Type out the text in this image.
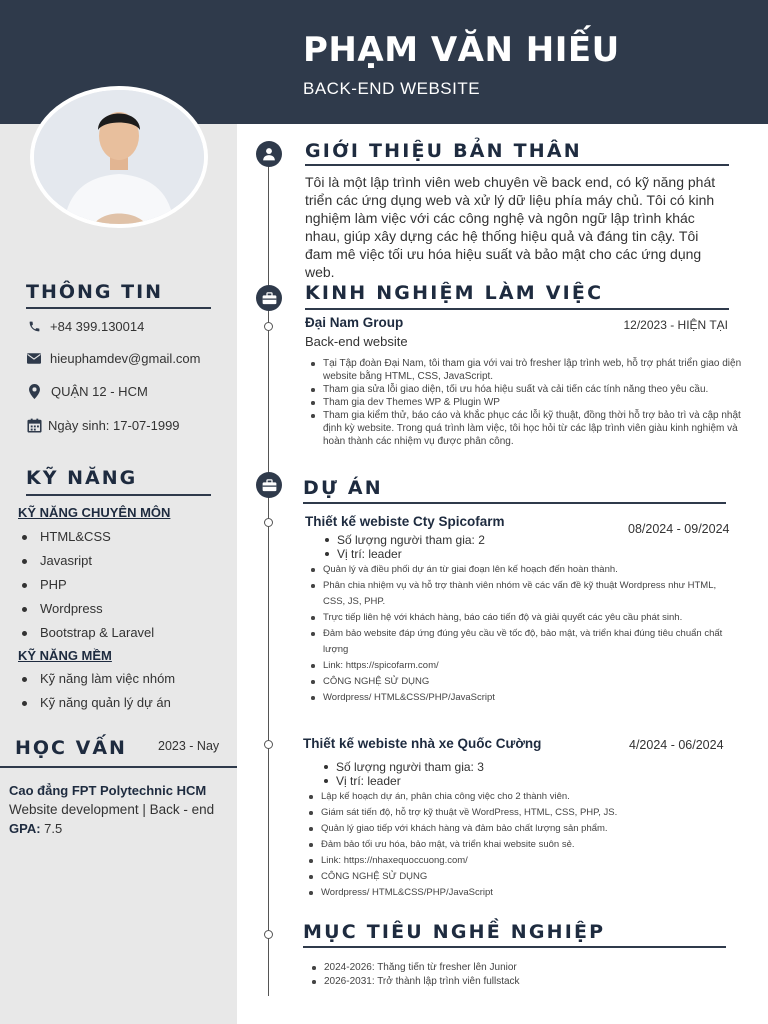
PHẠM VĂN HIẾU
BACK-END WEBSITE
THÔNG TIN
+84 399.130014
hieuphamdev@gmail.com
QUẬN 12 - HCM
Ngày sinh: 17-07-1999
KỸ NĂNG
KỸ NĂNG CHUYÊN MÔN
HTML&CSS
Javasript
PHP
Wordpress
Bootstrap & Laravel
KỸ NĂNG MỀM
Kỹ năng làm việc nhóm
Kỹ năng quản lý dự án
HỌC VẤN 2023 - Nay
Cao đẳng FPT Polytechnic HCM
Website development | Back - end
GPA: 7.5
GIỚI THIỆU BẢN THÂN
Tôi là một lập trình viên web chuyên về back end, có kỹ năng phát triển các ứng dụng web và xử lý dữ liệu phía máy chủ. Tôi có kinh nghiệm làm việc với các công nghệ và ngôn ngữ lập trình khác nhau, giúp xây dựng các hệ thống hiệu quả và đáng tin cậy. Tôi đam mê việc tối ưu hóa hiệu suất và bảo mật cho các ứng dụng web.
KINH NGHIỆM LÀM VIỆC
Đại Nam Group	12/2023 - HIỆN TẠI
Back-end website
Tại Tập đoàn Đại Nam, tôi tham gia với vai trò fresher lập trình web, hỗ trợ phát triển giao diện website bằng HTML, CSS, JavaScript.
Tham gia sửa lỗi giao diện, tối ưu hóa hiệu suất và cải tiến các tính năng theo yêu cầu.
Tham gia dev Themes WP & Plugin WP
Tham gia kiểm thử, báo cáo và khắc phục các lỗi kỹ thuật, đồng thời hỗ trợ bảo trì và cập nhật định kỳ website. Trong quá trình làm việc, tôi học hỏi từ các lập trình viên giàu kinh nghiệm và hoàn thành các nhiệm vụ được phân công.
DỰ ÁN
Thiết kế webiste Cty Spicofarm	08/2024 - 09/2024
Số lượng người tham gia: 2
Vị trí: leader
Quản lý và điều phối dự án từ giai đoạn lên kế hoạch đến hoàn thành.
Phân chia nhiệm vụ và hỗ trợ thành viên nhóm về các vấn đề kỹ thuật Wordpress như HTML, CSS, JS, PHP.
Trực tiếp liên hệ với khách hàng, báo cáo tiến độ và giải quyết các yêu cầu phát sinh.
Đảm bảo website đáp ứng đúng yêu cầu về tốc độ, bảo mật, và triển khai đúng tiêu chuẩn chất lượng
Link: https://spicofarm.com/
CÔNG NGHỆ SỬ DỤNG
Wordpress/ HTML&CSS/PHP/JavaScript
Thiết kế webiste nhà xe Quốc Cường	4/2024 - 06/2024
Số lượng người tham gia: 3
Vị trí: leader
Lập kế hoạch dự án, phân chia công việc cho 2 thành viên.
Giám sát tiến độ, hỗ trợ kỹ thuật về WordPress, HTML, CSS, PHP, JS.
Quản lý giao tiếp với khách hàng và đảm bảo chất lượng sản phẩm.
Đảm bảo tối ưu hóa, bảo mật, và triển khai website suôn sẻ.
Link: https://nhaxequoccuong.com/
CÔNG NGHỆ SỬ DỤNG
Wordpress/ HTML&CSS/PHP/JavaScript
MỤC TIÊU NGHỀ NGHIỆP
2024-2026: Thăng tiến từ fresher lên Junior
2026-2031: Trở thành lập trình viên fullstack
